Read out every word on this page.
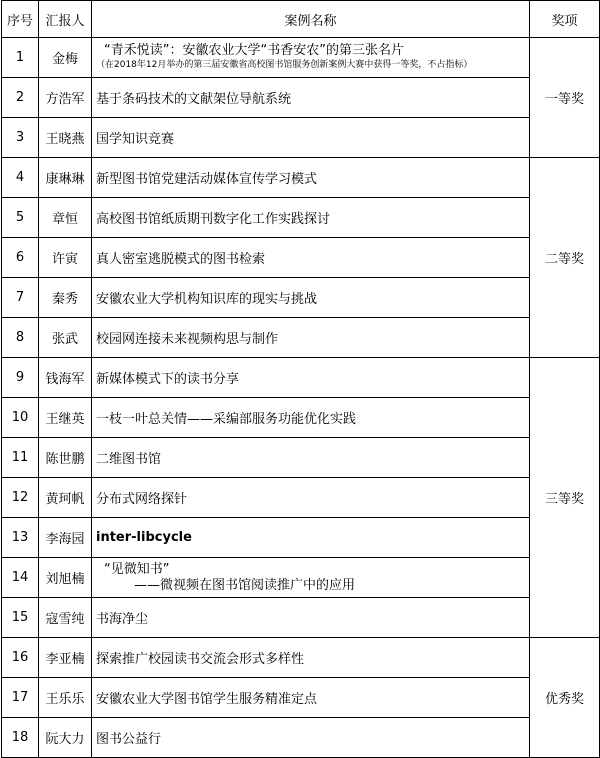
序号	汇报人	案例名称	奖项
1	金梅	“青禾悦读”：安徽农业大学“书香安农”的第三张名片
（在2018年12月举办的第三届安徽省高校图书馆服务创新案例大赛中获得一等奖，不占指标）	一等奖
2	方浩军	基于条码技术的文献架位导航系统	
3	王晓燕	国学知识竞赛	
4	康琳琳	新型图书馆党建活动媒体宣传学习模式	二等奖
5	章恒	高校图书馆纸质期刊数字化工作实践探讨	
6	许寅	真人密室逃脱模式的图书检索	
7	秦秀	安徽农业大学机构知识库的现实与挑战	
8	张武	校园网连接未来视频构思与制作	
9	钱海军	新媒体模式下的读书分享	三等奖
10	王继英	一枝一叶总关情——采编部服务功能优化实践	
11	陈世鹏	二维图书馆	
12	黄珂帆	分布式网络探针	
13	李海园	inter-libcycle	
14	刘旭楠	“见微知书”
——微视频在图书馆阅读推广中的应用	

15	寇雪纯	书海净尘	
16	李亚楠	探索推广校园读书交流会形式多样性	优秀奖
17	王乐乐	安徽农业大学图书馆学生服务精准定点	
18	阮大力	图书公益行	
